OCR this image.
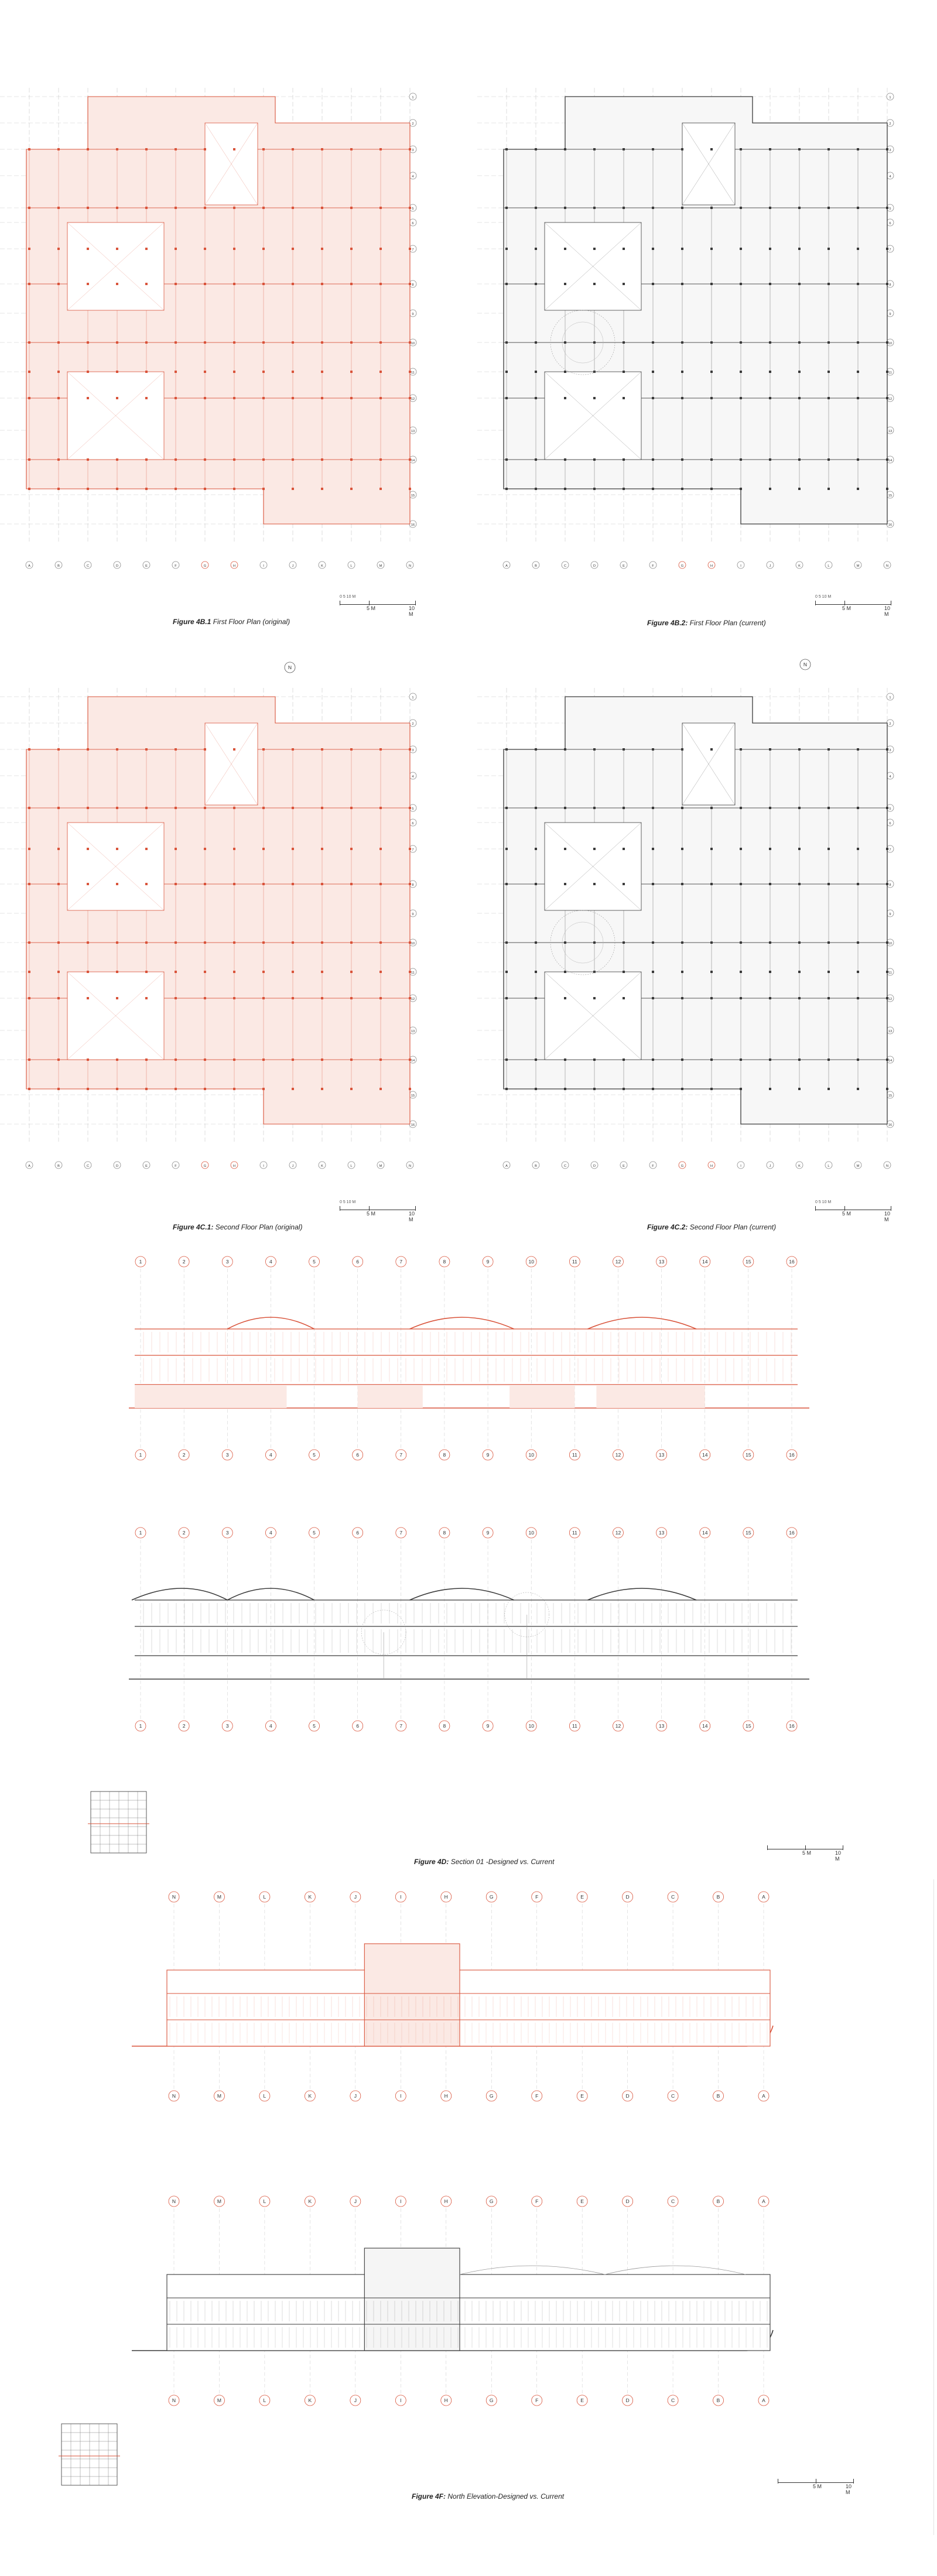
A	B	C	D	E	F	G	H	I	J	K	L	M	N
1
2
3
4
5
6
7
8
9
10
11
12
13
14
15
16
N
A	B	C	D	E	F	G	H	I	J	K	L	M	N
1
2
3
4
5
6
7
8
9
10
11
12
13
14
15
16
A	B	C	D	E	F	G	H	I	J	K	L	M	N
1
2
3
4
5
6
7
8
9
10
11
12
13
14
15
16
A	B	C	D	E	F	G	H	I	J	K	L	M	N
1
2
3
4
5
6
7
8
9
10
11
12
13
14
15
16
N
1	2	3	4	5	6	7	8	9	10	11	12	13	14	15	16
1	2	3	4	5	6	7	8	9	10	11	12	13	14	15	16
1	2	3	4	5	6	7	8	9	10	11	12	13	14	15	16
1	2	3	4	5	6	7	8	9	10	11	12	13	14	15	16
N	M	L	K	J	I	H	G	F	E	D	C	B	A
N	M	L	K	J	I	H	G	F	E	D	C	B	A
N	M	L	K	J	I	H	G	F	E	D	C	B	A
N	M	L	K	J	I	H	G	F	E	D	C	B	A
Figure 4B.1 First Floor Plan (original)	Figure 4B.2: First Floor Plan (current)
Figure 4C.1: Second Floor Plan (original)	Figure 4C.2: Second Floor Plan (current)
Figure 4D: Section 01 -Designed vs. Current
Figure 4F: North Elevation-Designed vs. Current
0 5 10 M
5 M	10 M
0 5 10 M
5 M	10 M
0 5 10 M
5 M	10 M
0 5 10 M
5 M	10 M
5 M	10 M
5 M	10 M
